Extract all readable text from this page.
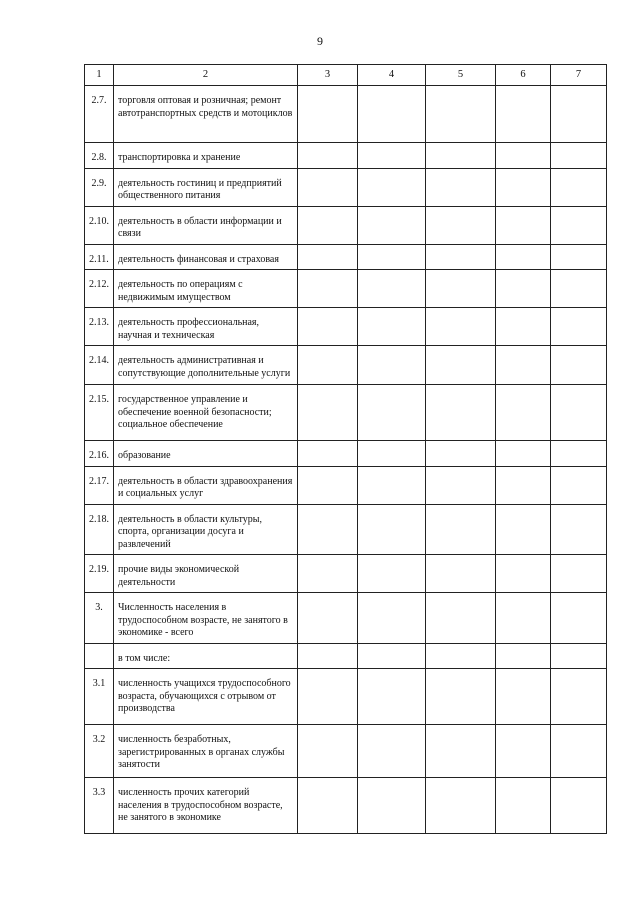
9
1	2	3	4	5	6	7
2.7.	торговля оптовая и розничная; ремонт автотранспортных средств и мотоциклов					
2.8.	транспортировка и хранение					
2.9.	деятельность гостиниц и предприятий общественного питания					
2.10.	деятельность в области информации и связи					
2.11.	деятельность финансовая и страховая					
2.12.	деятельность по операциям с недвижимым имуществом					
2.13.	деятельность профессиональная, научная и техническая					
2.14.	деятельность административная и сопутствующие дополнительные услуги					
2.15.	государственное управление и обеспечение военной безопасности; социальное обеспечение					
2.16.	образование					
2.17.	деятельность в области здравоохранения и социальных услуг					
2.18.	деятельность в области культуры, спорта, организации досуга и развлечений					
2.19.	прочие виды экономической деятельности					
3.	Численность населения в трудоспособном возрасте, не занятого в экономике - всего					
	в том числе:					
3.1	численность учащихся трудоспособного возраста, обучающихся с отрывом от производства					
3.2	численность безработных, зарегистрированных в органах службы занятости					
3.3	численность прочих категорий населения в трудоспособном возрасте, не занятого в экономике					
